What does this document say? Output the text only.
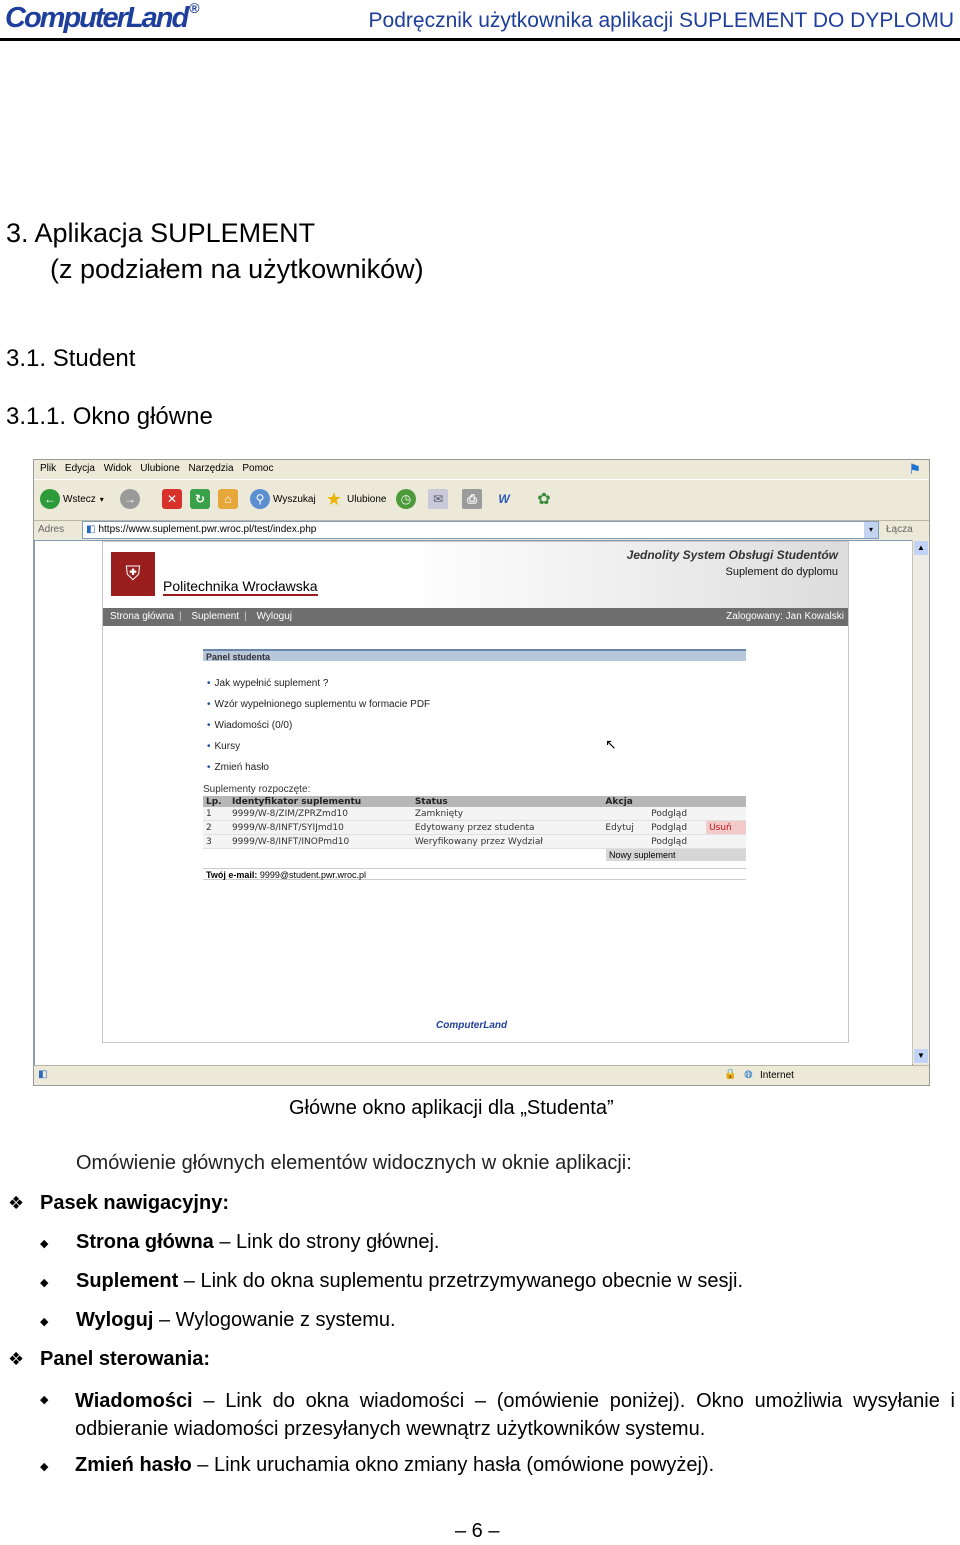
ComputerLand ®
Podręcznik użytkownika aplikacji SUPLEMENT DO DYPLOMU
3. Aplikacja SUPLEMENT
(z podziałem na użytkowników)
3.1. Student
3.1.1. Okno główne
Plik Edycja Widok Ulubione Narzędzia Pomoc	⚑
← Wstecz ▾	→	✕	↻	⌂	⚲ Wyszukaj ★ Ulubione	◷	✉	⎙	W ✿
Adres	◧ https://www.suplement.pwr.wroc.pl/test/index.php	▾	Łącza
⛨
Politechnika Wrocławska
Jednolity System Obsługi Studentów
Suplement do dyplomu
Strona główna | Suplement | Wyloguj	Zalogowany: Jan Kowalski
Panel studenta
• Jak wypełnić suplement ?
• Wzór wypełnionego suplementu w formacie PDF
• Wiadomości (0/0)
• Kursy
• Zmień hasło
↖
Suplementy rozpoczęte:
Lp.	Identyfikator suplementu	Status	Akcja		
1	9999/W-8/ZIM/ZPRZmd10	Zamknięty		Podgląd	
2	9999/W-8/INFT/SYIJmd10	Edytowany przez studenta	Edytuj	Podgląd	Usuń
3	9999/W-8/INFT/INOPmd10	Weryfikowany przez Wydział		Podgląd	
Nowy suplement
Twój e-mail: 9999@student.pwr.wroc.pl
ComputerLand
▲
▼
◧	🔒 ◍ Internet
Główne okno aplikacji dla „Studenta”
Omówienie głównych elementów widocznych w oknie aplikacji:
❖ Pasek nawigacyjny:
◆ Strona główna – Link do strony głównej.
◆ Suplement – Link do okna suplementu przetrzymywanego obecnie w sesji.
◆ Wyloguj – Wylogowanie z systemu.
❖ Panel sterowania:
◆ Wiadomości – Link do okna wiadomości – (omówienie poniżej). Okno umożliwia wysyłanie i odbieranie wiadomości przesyłanych wewnątrz użytkowników systemu.
◆ Zmień hasło – Link uruchamia okno zmiany hasła (omówione powyżej).
– 6 –
